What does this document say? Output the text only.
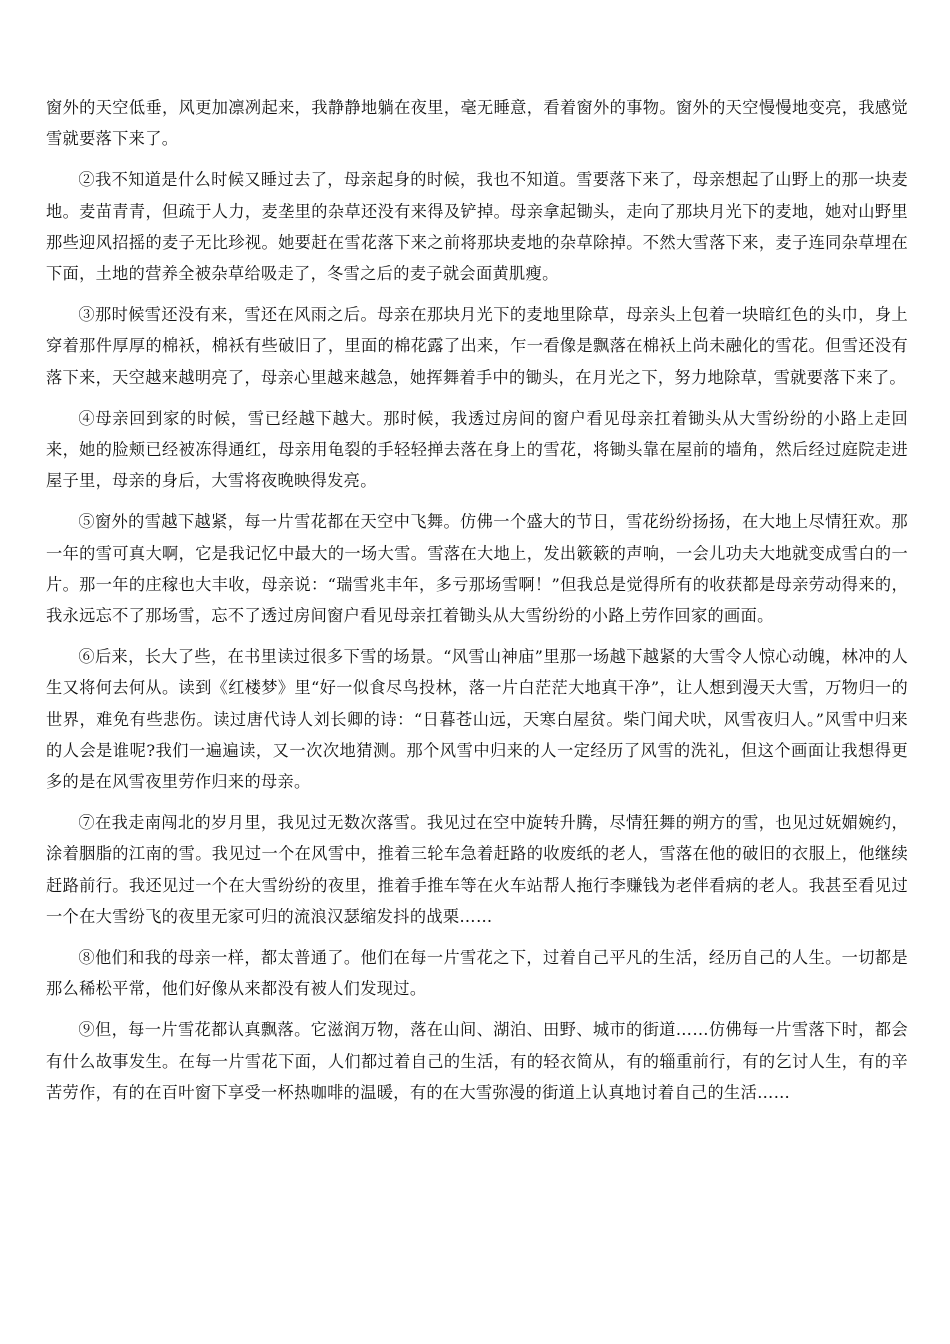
窗外的天空低垂，风更加凛冽起来，我静静地躺在夜里，毫无睡意，看着窗外的事物。窗外的天空慢慢地变亮，我感觉雪就要落下来了。

②我不知道是什么时候又睡过去了，母亲起身的时候，我也不知道。雪要落下来了，母亲想起了山野上的那一块麦地。麦苗青青，但疏于人力，麦垄里的杂草还没有来得及铲掉。母亲拿起锄头，走向了那块月光下的麦地，她对山野里那些迎风招摇的麦子无比珍视。她要赶在雪花落下来之前将那块麦地的杂草除掉。不然大雪落下来，麦子连同杂草埋在下面，土地的营养全被杂草给吸走了，冬雪之后的麦子就会面黄肌瘦。

③那时候雪还没有来，雪还在风雨之后。母亲在那块月光下的麦地里除草，母亲头上包着一块暗红色的头巾，身上穿着那件厚厚的棉袄，棉袄有些破旧了，里面的棉花露了出来，乍一看像是飘落在棉袄上尚未融化的雪花。但雪还没有落下来，天空越来越明亮了，母亲心里越来越急，她挥舞着手中的锄头，在月光之下，努力地除草，雪就要落下来了。

④母亲回到家的时候，雪已经越下越大。那时候，我透过房间的窗户看见母亲扛着锄头从大雪纷纷的小路上走回来，她的脸颊已经被冻得通红，母亲用龟裂的手轻轻掸去落在身上的雪花，将锄头靠在屋前的墙角，然后经过庭院走进屋子里，母亲的身后，大雪将夜晚映得发亮。

⑤窗外的雪越下越紧，每一片雪花都在天空中飞舞。仿佛一个盛大的节日，雪花纷纷扬扬，在大地上尽情狂欢。那一年的雪可真大啊，它是我记忆中最大的一场大雪。雪落在大地上，发出簌簌的声响，一会儿功夫大地就变成雪白的一片。那一年的庄稼也大丰收，母亲说：“瑞雪兆丰年，多亏那场雪啊！”但我总是觉得所有的收获都是母亲劳动得来的，我永远忘不了那场雪，忘不了透过房间窗户看见母亲扛着锄头从大雪纷纷的小路上劳作回家的画面。

⑥后来，长大了些，在书里读过很多下雪的场景。“风雪山神庙”里那一场越下越紧的大雪令人惊心动魄，林冲的人生又将何去何从。读到《红楼梦》里“好一似食尽鸟投林，落一片白茫茫大地真干净”，让人想到漫天大雪，万物归一的世界，难免有些悲伤。读过唐代诗人刘长卿的诗：“日暮苍山远，天寒白屋贫。柴门闻犬吠，风雪夜归人。”风雪中归来的人会是谁呢?我们一遍遍读，又一次次地猜测。那个风雪中归来的人一定经历了风雪的洗礼，但这个画面让我想得更多的是在风雪夜里劳作归来的母亲。

⑦在我走南闯北的岁月里，我见过无数次落雪。我见过在空中旋转升腾，尽情狂舞的朔方的雪，也见过妩媚婉约，涂着胭脂的江南的雪。我见过一个在风雪中，推着三轮车急着赶路的收废纸的老人，雪落在他的破旧的衣服上，他继续赶路前行。我还见过一个在大雪纷纷的夜里，推着手推车等在火车站帮人拖行李赚钱为老伴看病的老人。我甚至看见过一个在大雪纷飞的夜里无家可归的流浪汉瑟缩发抖的战栗……

⑧他们和我的母亲一样，都太普通了。他们在每一片雪花之下，过着自己平凡的生活，经历自己的人生。一切都是那么稀松平常，他们好像从来都没有被人们发现过。

⑨但，每一片雪花都认真飘落。它滋润万物，落在山间、湖泊、田野、城市的街道……仿佛每一片雪落下时，都会有什么故事发生。在每一片雪花下面，人们都过着自己的生活，有的轻衣简从，有的辎重前行，有的乞讨人生，有的辛苦劳作，有的在百叶窗下享受一杯热咖啡的温暖，有的在大雪弥漫的街道上认真地讨着自己的生活……
